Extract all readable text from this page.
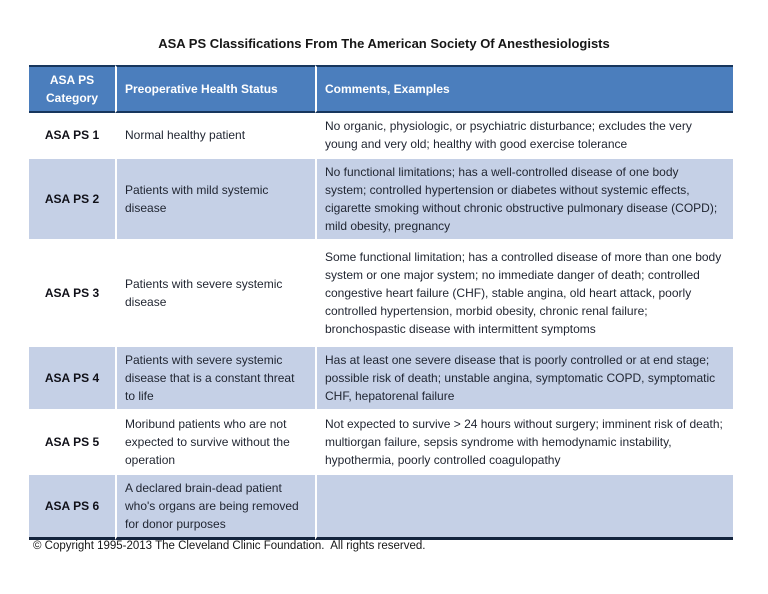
ASA PS Classifications From The American Society Of Anesthesiologists
ASA PS Category	Preoperative Health Status	Comments, Examples
ASA PS 1	Normal healthy patient	No organic, physiologic, or psychiatric disturbance; excludes the very young and very old; healthy with good exercise tolerance
ASA PS 2	Patients with mild systemic disease	No functional limitations; has a well-controlled disease of one body system; controlled hypertension or diabetes without systemic effects, cigarette smoking without chronic obstructive pulmonary disease (COPD); mild obesity, pregnancy
ASA PS 3	Patients with severe systemic disease	Some functional limitation; has a controlled disease of more than one body system or one major system; no immediate danger of death; controlled congestive heart failure (CHF), stable angina, old heart attack, poorly controlled hypertension, morbid obesity, chronic renal failure; bronchospastic disease with intermittent symptoms
ASA PS 4	Patients with severe systemic disease that is a constant threat to life	Has at least one severe disease that is poorly controlled or at end stage; possible risk of death; unstable angina, symptomatic COPD, symptomatic CHF, hepatorenal failure
ASA PS 5	Moribund patients who are not expected to survive without the operation	Not expected to survive > 24 hours without surgery; imminent risk of death; multiorgan failure, sepsis syndrome with hemodynamic instability, hypothermia, poorly controlled coagulopathy
ASA PS 6	A declared brain-dead patient who's organs are being removed for donor purposes	

© Copyright 1995-2013 The Cleveland Clinic Foundation.  All rights reserved.
